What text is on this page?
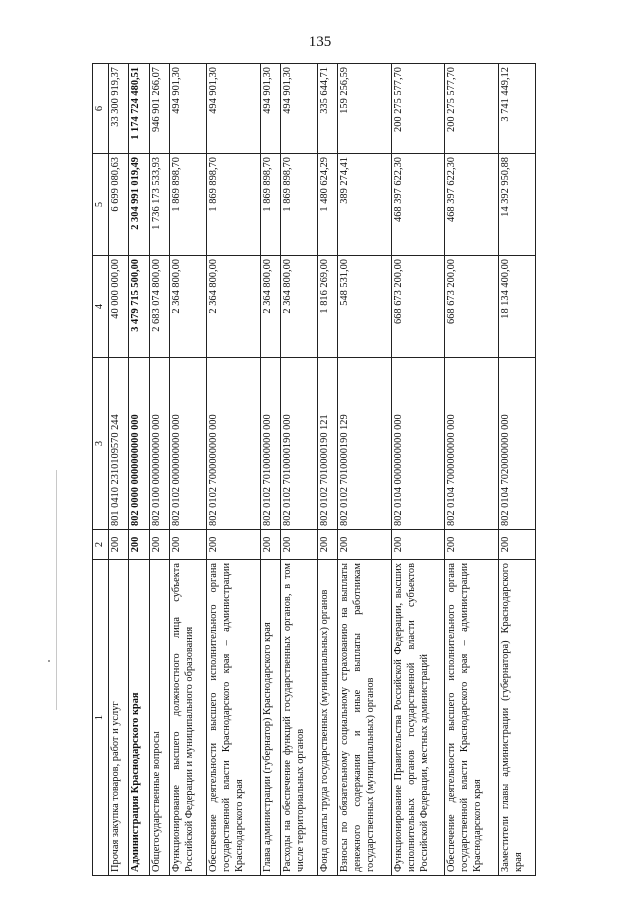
135
1	2	3	4	5	6
Прочая закупка товаров, работ и услуг	200	801 0410 2310109570 244	40 000 000,00	6 699 080,63	33 300 919,37
Администрация Краснодарского края	200	802 0000 0000000000 000	3 479 715 500,00	2 304 991 019,49	1 174 724 480,51
Общегосударственные вопросы	200	802 0100 0000000000 000	2 683 074 800,00	1 736 173 533,93	946 901 266,07
Функционирование высшего должностного лица субъекта Российской Федерации и муниципального образования	200	802 0102 0000000000 000	2 364 800,00	1 869 898,70	494 901,30
Обеспечение деятельности высшего исполнительного органа государственной власти Краснодарского края – администрации Краснодарского края	200	802 0102 7000000000 000	2 364 800,00	1 869 898,70	494 901,30
Глава администрации (губернатор) Краснодарского края	200	802 0102 7010000000 000	2 364 800,00	1 869 898,70	494 901,30
Расходы на обеспечение функций государственных органов, в том числе территориальных органов	200	802 0102 7010000190 000	2 364 800,00	1 869 898,70	494 901,30
Фонд оплаты труда государственных (муниципальных) органов	200	802 0102 7010000190 121	1 816 269,00	1 480 624,29	335 644,71
Взносы по обязательному социальному страхованию на выплаты денежного содержания и иные выплаты работникам государственных (муниципальных) органов	200	802 0102 7010000190 129	548 531,00	389 274,41	159 256,59
Функционирование Правительства Российской Федерации, высших исполнительных органов государственной власти субъектов Российской Федерации, местных администраций	200	802 0104 0000000000 000	668 673 200,00	468 397 622,30	200 275 577,70
Обеспечение деятельности высшего исполнительного органа государственной власти Краснодарского края – администрации Краснодарского края	200	802 0104 7000000000 000	668 673 200,00	468 397 622,30	200 275 577,70
Заместители главы администрации (губернатора) Краснодарского края	200	802 0104 7020000000 000	18 134 400,00	14 392 950,88	3 741 449,12
